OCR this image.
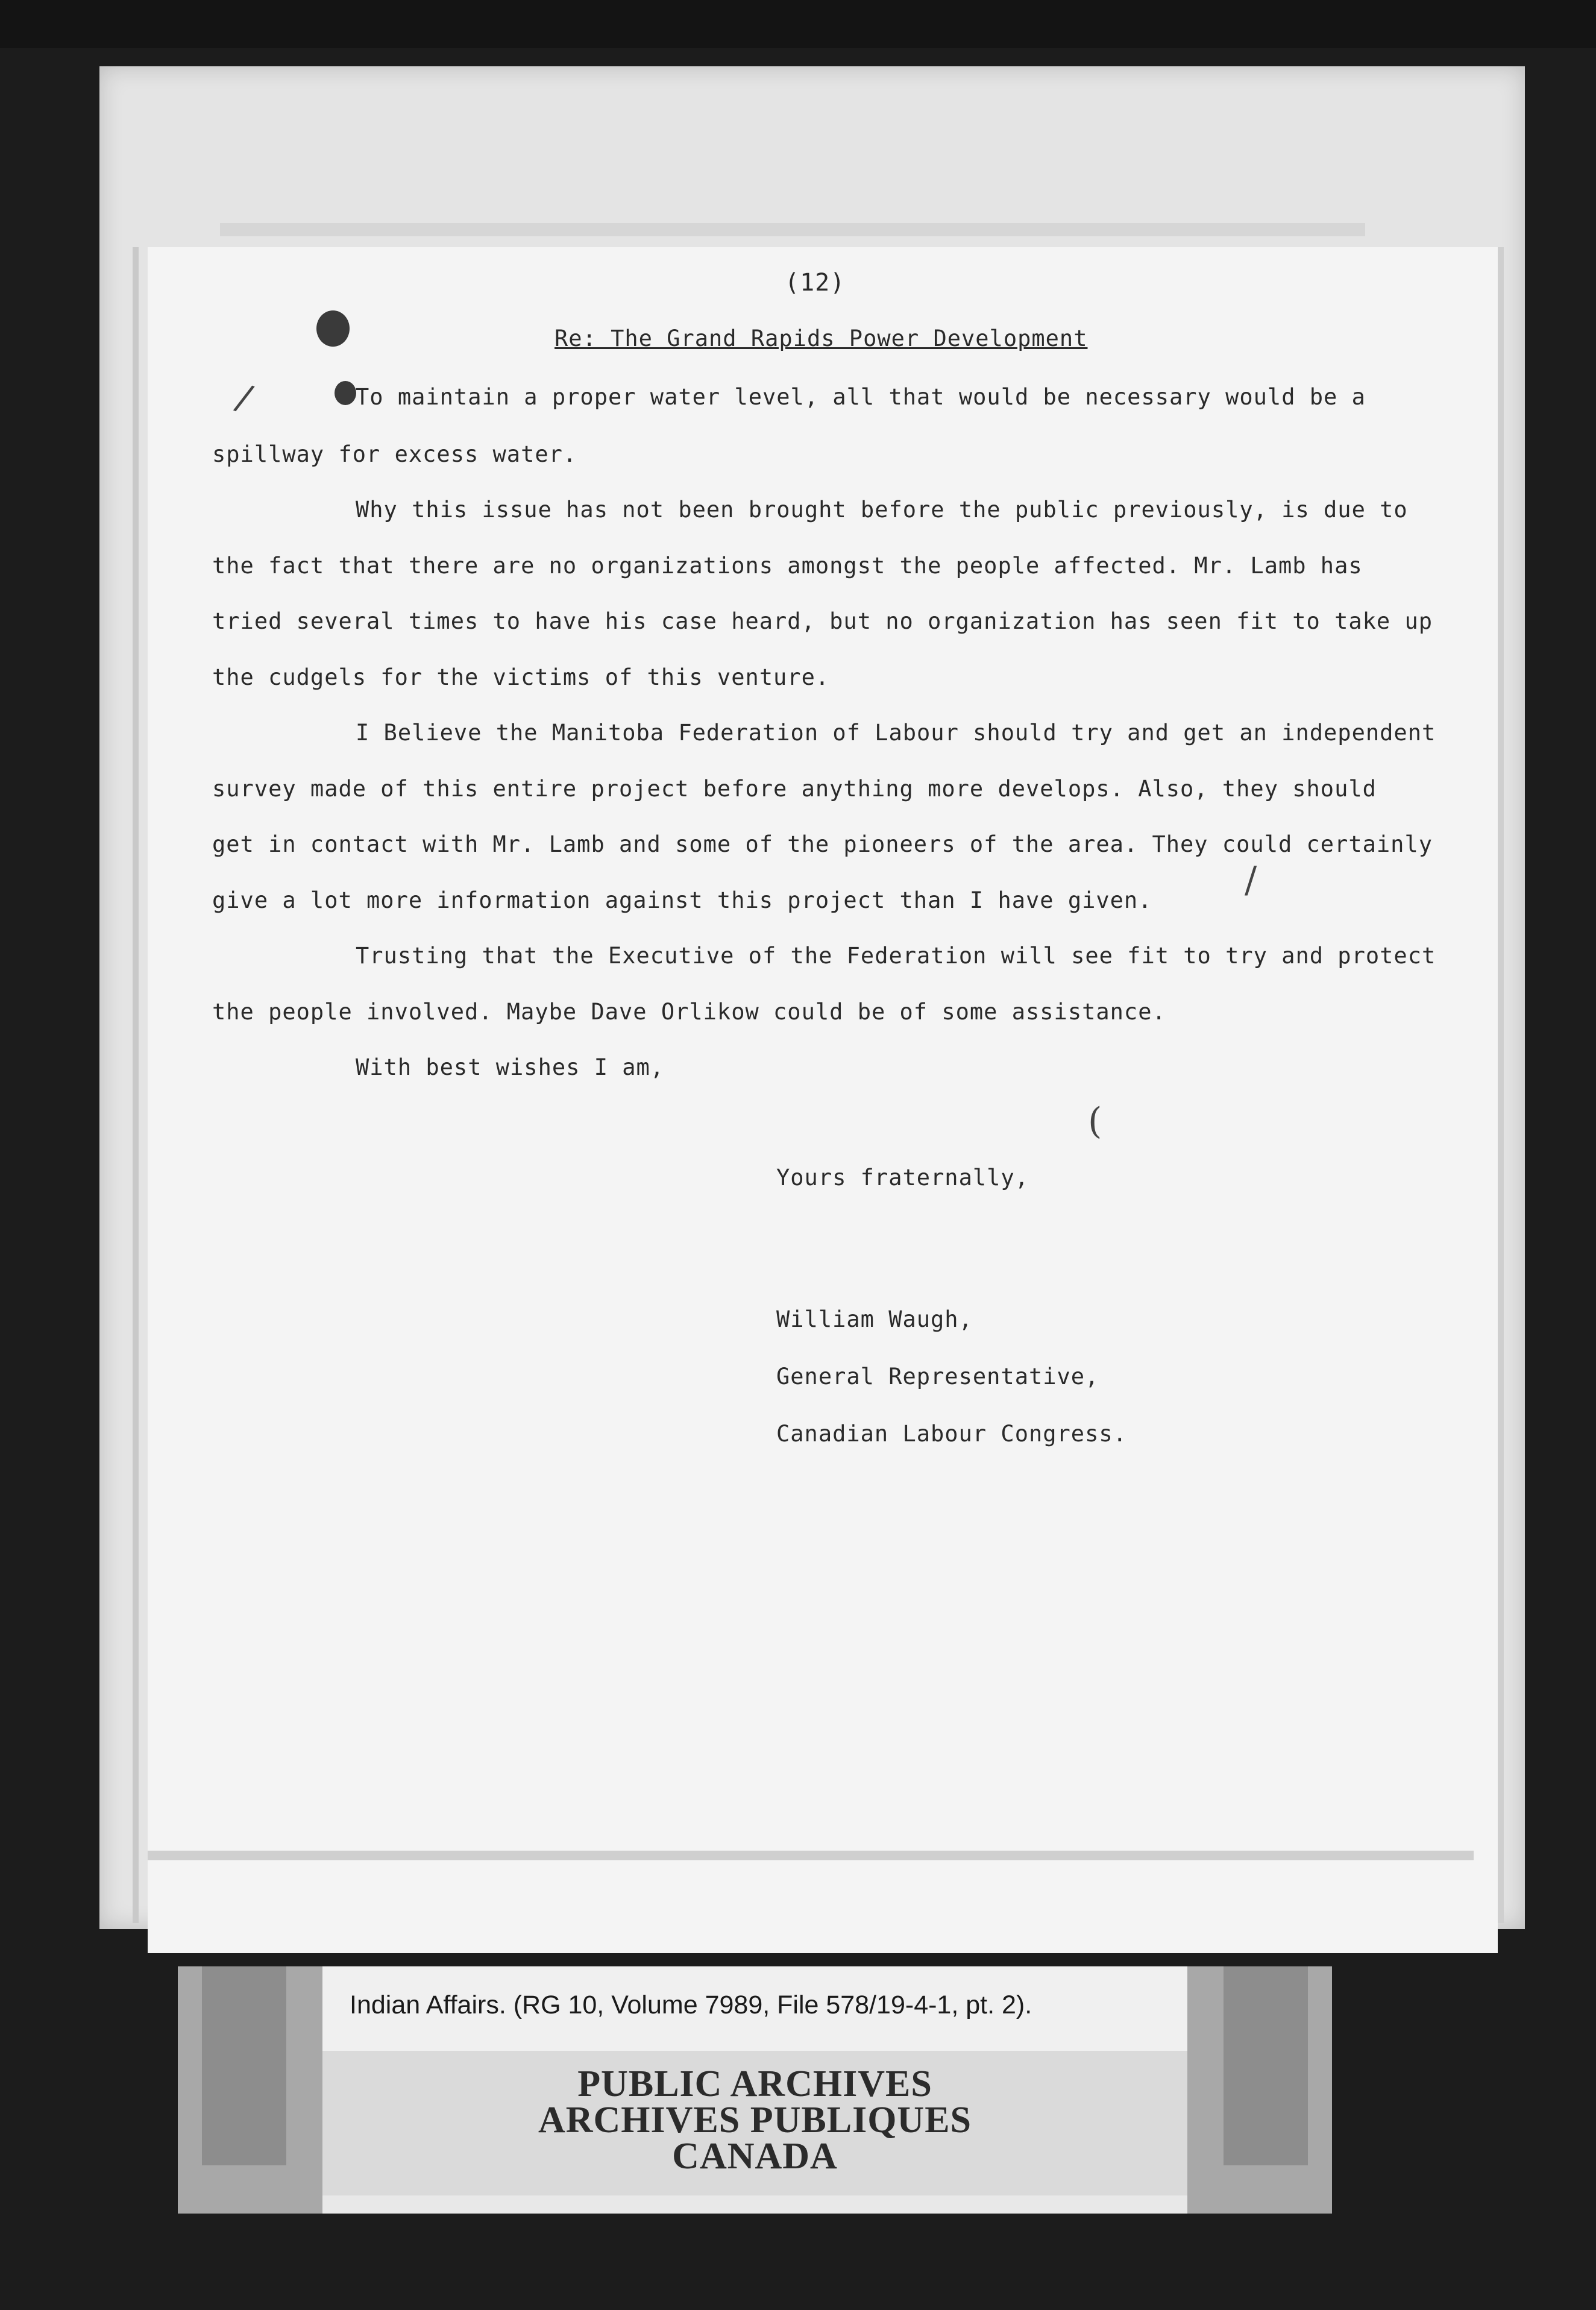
/
/
(
(12)
Re: The Grand Rapids Power Development
To maintain a proper water level, all that would be necessary would be a
spillway for excess water.
Why this issue has not been brought before the public previously, is due to
the fact that there are no organizations amongst the people affected. Mr. Lamb has
tried several times to have his case heard, but no organization has seen fit to take up
the cudgels for the victims of this venture.
I Believe the Manitoba Federation of Labour should try and get an independent
survey made of this entire project before anything more develops. Also, they should
get in contact with Mr. Lamb and some of the pioneers of the area. They could certainly
give a lot more information against this project than I have given.
Trusting that the Executive of the Federation will see fit to try and protect
the people involved. Maybe Dave Orlikow could be of some assistance.
With best wishes I am,
Yours fraternally,
William Waugh,
General Representative,
Canadian Labour Congress.
Indian Affairs. (RG 10, Volume 7989, File 578/19-4-1, pt. 2).
PUBLIC ARCHIVES
ARCHIVES PUBLIQUES
CANADA
